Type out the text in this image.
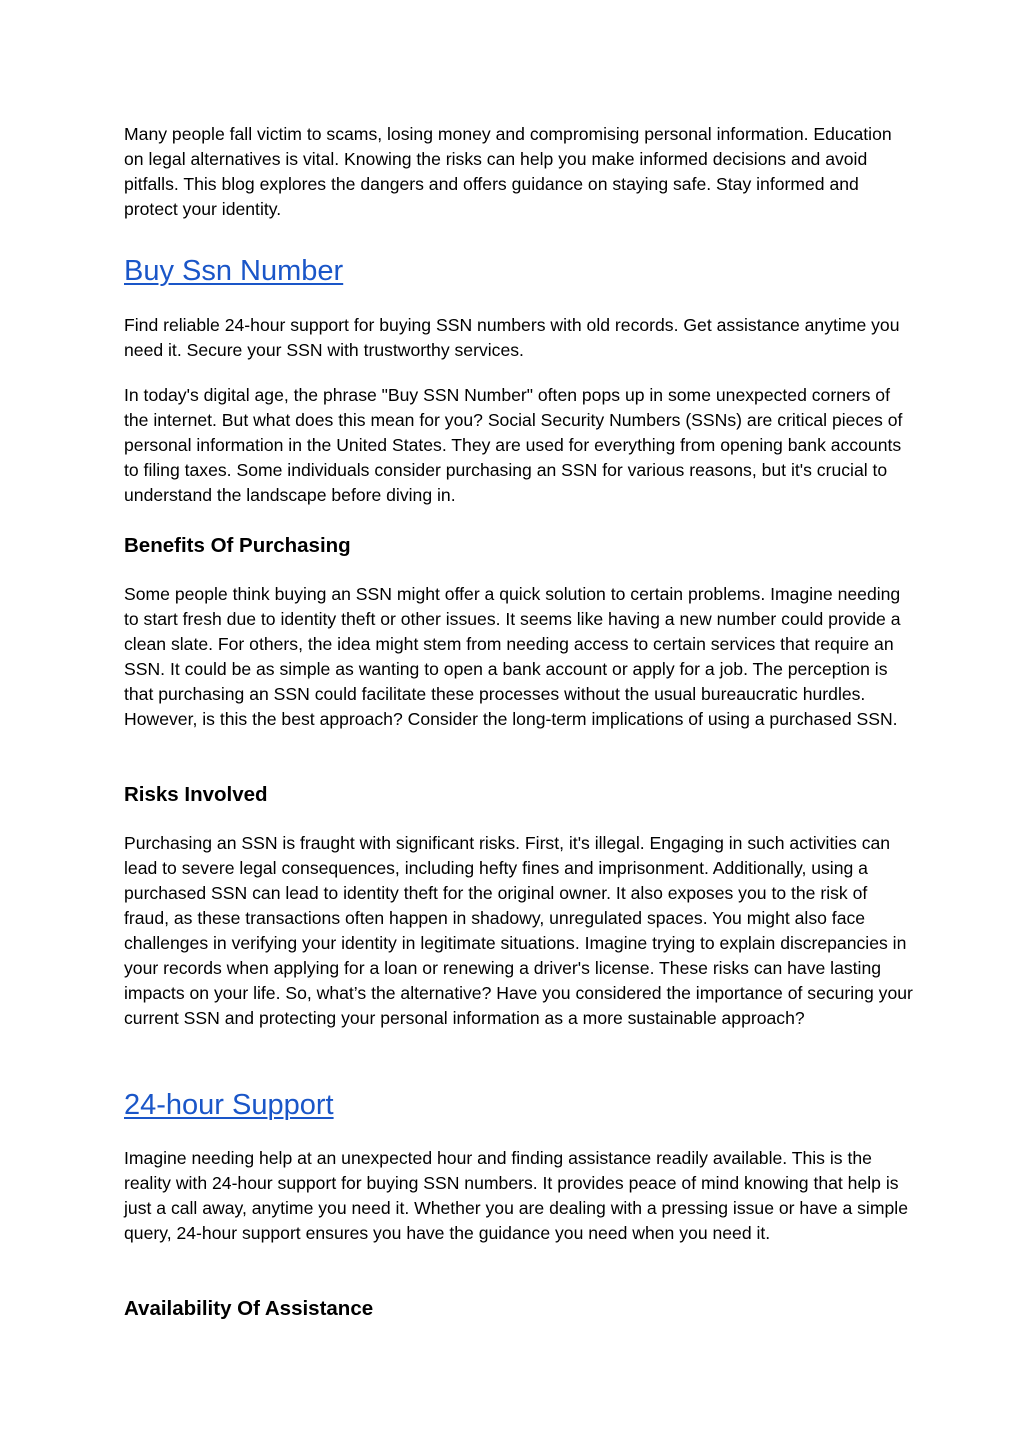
Many people fall victim to scams, losing money and compromising personal information. Education on legal alternatives is vital. Knowing the risks can help you make informed decisions and avoid pitfalls. This blog explores the dangers and offers guidance on staying safe. Stay informed and protect your identity.

Buy Ssn Number

Find reliable 24-hour support for buying SSN numbers with old records. Get assistance anytime you need it. Secure your SSN with trustworthy services.

In today's digital age, the phrase "Buy SSN Number" often pops up in some unexpected corners of the internet. But what does this mean for you? Social Security Numbers (SSNs) are critical pieces of personal information in the United States. They are used for everything from opening bank accounts to filing taxes. Some individuals consider purchasing an SSN for various reasons, but it's crucial to understand the landscape before diving in.

Benefits Of Purchasing

Some people think buying an SSN might offer a quick solution to certain problems. Imagine needing to start fresh due to identity theft or other issues. It seems like having a new number could provide a clean slate. For others, the idea might stem from needing access to certain services that require an SSN. It could be as simple as wanting to open a bank account or apply for a job. The perception is that purchasing an SSN could facilitate these processes without the usual bureaucratic hurdles. However, is this the best approach? Consider the long-term implications of using a purchased SSN.

Risks Involved

Purchasing an SSN is fraught with significant risks. First, it's illegal. Engaging in such activities can lead to severe legal consequences, including hefty fines and imprisonment. Additionally, using a purchased SSN can lead to identity theft for the original owner. It also exposes you to the risk of fraud, as these transactions often happen in shadowy, unregulated spaces. You might also face challenges in verifying your identity in legitimate situations. Imagine trying to explain discrepancies in your records when applying for a loan or renewing a driver's license. These risks can have lasting impacts on your life. So, what’s the alternative? Have you considered the importance of securing your current SSN and protecting your personal information as a more sustainable approach?

24-hour Support

Imagine needing help at an unexpected hour and finding assistance readily available. This is the reality with 24-hour support for buying SSN numbers. It provides peace of mind knowing that help is just a call away, anytime you need it. Whether you are dealing with a pressing issue or have a simple query, 24-hour support ensures you have the guidance you need when you need it.

Availability Of Assistance
